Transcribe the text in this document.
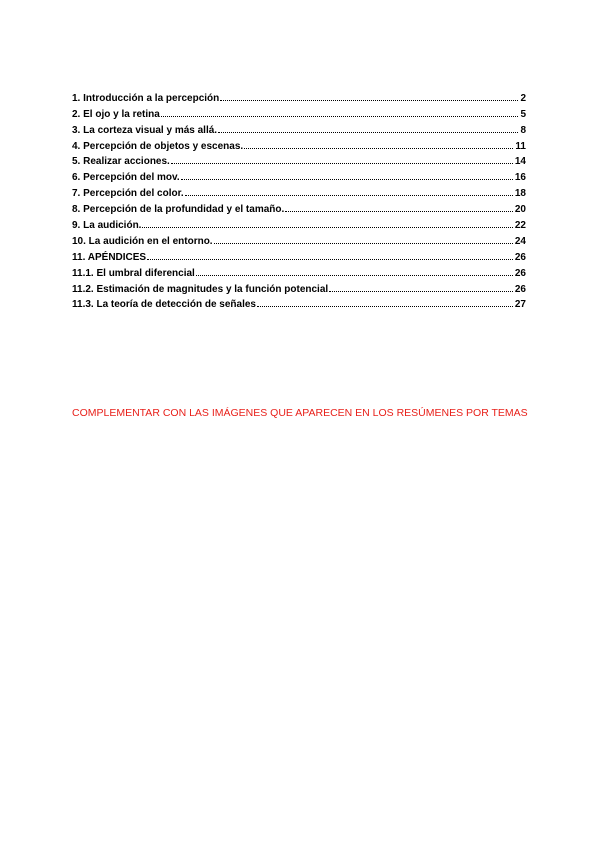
1. Introducción a la percepción	2
2. El ojo y la retina	5
3. La corteza visual y más allá.	8
4. Percepción de objetos y escenas.	11
5. Realizar acciones.	14
6. Percepción del mov.	16
7. Percepción del color.	18
8. Percepción de la profundidad y el tamaño.	20
9. La audición.	22
10. La audición en el entorno.	24
11. APÉNDICES	26
11.1. El umbral diferencial	26
11.2. Estimación de magnitudes y la función potencial	26
11.3. La teoría de detección de señales	27
COMPLEMENTAR CON LAS IMÁGENES QUE APARECEN EN LOS RESÚMENES POR TEMAS
